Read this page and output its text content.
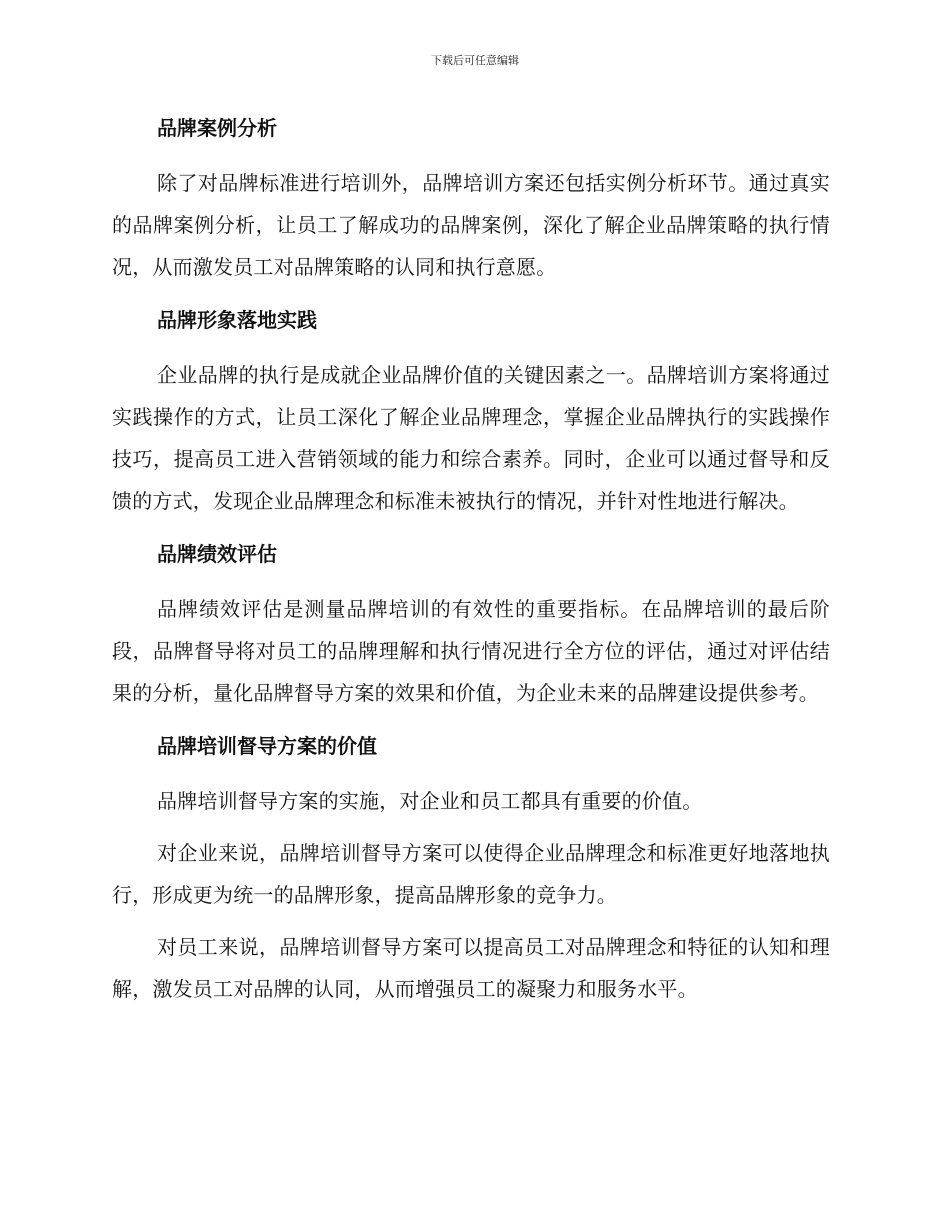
下载后可任意编辑
品牌案例分析

除了对品牌标准进行培训外，品牌培训方案还包括实例分析环节。通过真实的品牌案例分析，让员工了解成功的品牌案例，深化了解企业品牌策略的执行情况，从而激发员工对品牌策略的认同和执行意愿。

品牌形象落地实践

企业品牌的执行是成就企业品牌价值的关键因素之一。品牌培训方案将通过实践操作的方式，让员工深化了解企业品牌理念，掌握企业品牌执行的实践操作技巧，提高员工进入营销领域的能力和综合素养。同时，企业可以通过督导和反馈的方式，发现企业品牌理念和标准未被执行的情况，并针对性地进行解决。

品牌绩效评估

品牌绩效评估是测量品牌培训的有效性的重要指标。在品牌培训的最后阶段，品牌督导将对员工的品牌理解和执行情况进行全方位的评估，通过对评估结果的分析，量化品牌督导方案的效果和价值，为企业未来的品牌建设提供参考。

品牌培训督导方案的价值

品牌培训督导方案的实施，对企业和员工都具有重要的价值。

对企业来说，品牌培训督导方案可以使得企业品牌理念和标准更好地落地执行，形成更为统一的品牌形象，提高品牌形象的竞争力。

对员工来说，品牌培训督导方案可以提高员工对品牌理念和特征的认知和理解，激发员工对品牌的认同，从而增强员工的凝聚力和服务水平。
